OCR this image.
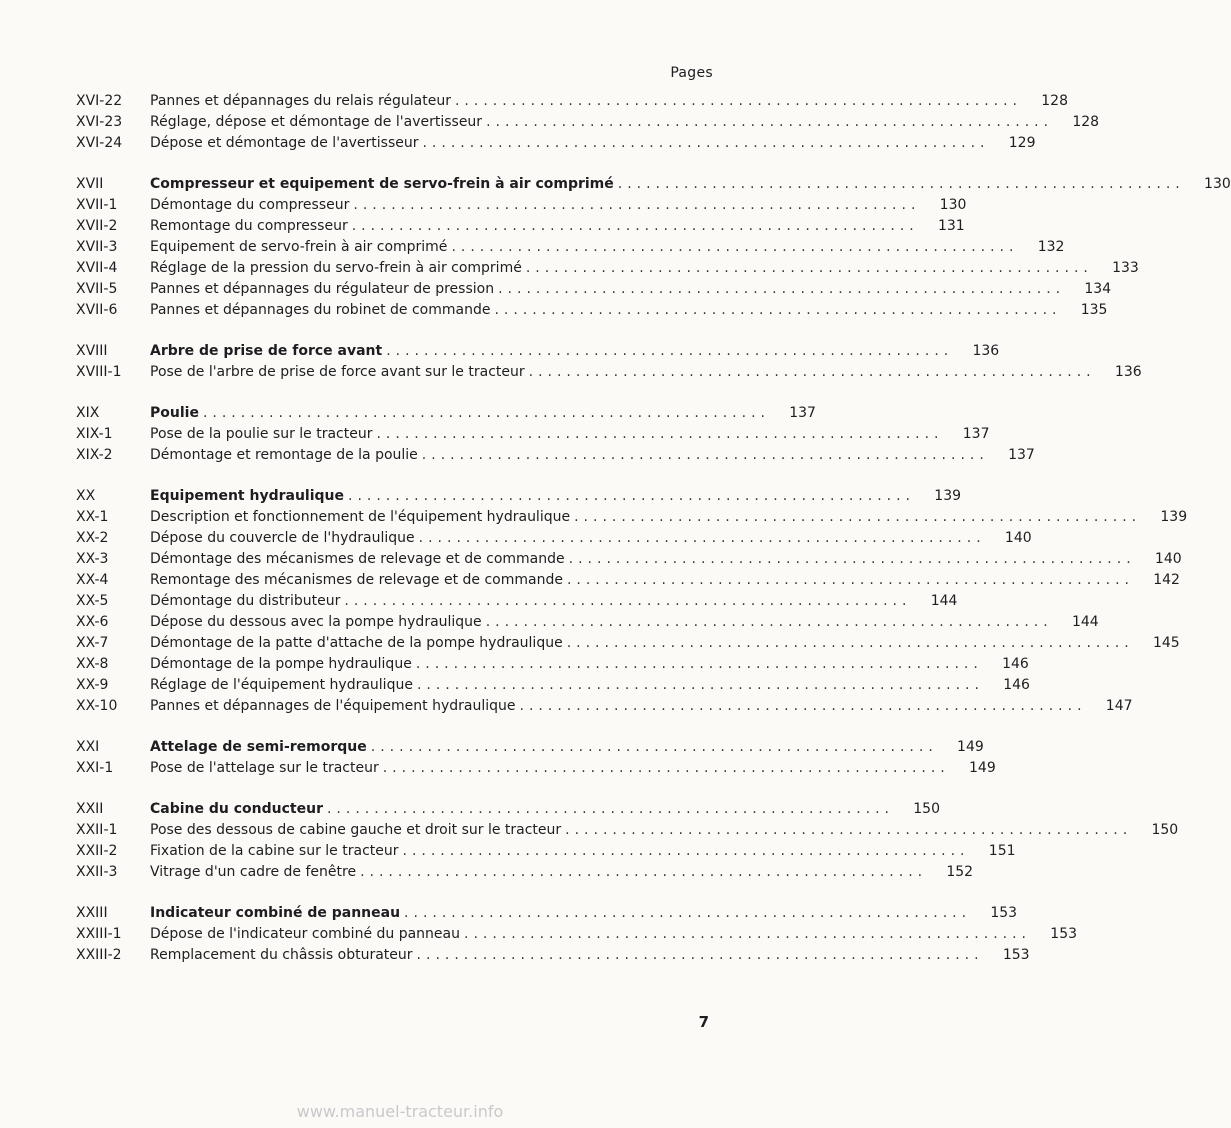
Pages
XVI-22	Pannes et dépannages du relais régulateur ............................................................	128
XVI-23	Réglage, dépose et démontage de l'avertisseur ............................................................	128
XVI-24	Dépose et démontage de l'avertisseur ............................................................	129
XVII	Compresseur et equipement de servo-frein à air comprimé ............................................................	130
XVII-1	Démontage du compresseur ............................................................	130
XVII-2	Remontage du compresseur ............................................................	131
XVII-3	Equipement de servo-frein à air comprimé ............................................................	132
XVII-4	Réglage de la pression du servo-frein à air comprimé ............................................................	133
XVII-5	Pannes et dépannages du régulateur de pression ............................................................	134
XVII-6	Pannes et dépannages du robinet de commande ............................................................	135
XVIII	Arbre de prise de force avant ............................................................	136
XVIII-1	Pose de l'arbre de prise de force avant sur le tracteur ............................................................	136
XIX	Poulie ............................................................	137
XIX-1	Pose de la poulie sur le tracteur ............................................................	137
XIX-2	Démontage et remontage de la poulie ............................................................	137
XX	Equipement hydraulique ............................................................	139
XX-1	Description et fonctionnement de l'équipement hydraulique ............................................................	139
XX-2	Dépose du couvercle de l'hydraulique ............................................................	140
XX-3	Démontage des mécanismes de relevage et de commande ............................................................	140
XX-4	Remontage des mécanismes de relevage et de commande ............................................................	142
XX-5	Démontage du distributeur ............................................................	144
XX-6	Dépose du dessous avec la pompe hydraulique ............................................................	144
XX-7	Démontage de la patte d'attache de la pompe hydraulique ............................................................	145
XX-8	Démontage de la pompe hydraulique ............................................................	146
XX-9	Réglage de l'équipement hydraulique ............................................................	146
XX-10	Pannes et dépannages de l'équipement hydraulique ............................................................	147
XXI	Attelage de semi-remorque ............................................................	149
XXI-1	Pose de l'attelage sur le tracteur ............................................................	149
XXII	Cabine du conducteur ............................................................	150
XXII-1	Pose des dessous de cabine gauche et droit sur le tracteur ............................................................	150
XXII-2	Fixation de la cabine sur le tracteur ............................................................	151
XXII-3	Vitrage d'un cadre de fenêtre ............................................................	152
XXIII	Indicateur combiné de panneau ............................................................	153
XXIII-1	Dépose de l'indicateur combiné du panneau ............................................................	153
XXIII-2	Remplacement du châssis obturateur ............................................................	153
7
www.manuel-tracteur.info
